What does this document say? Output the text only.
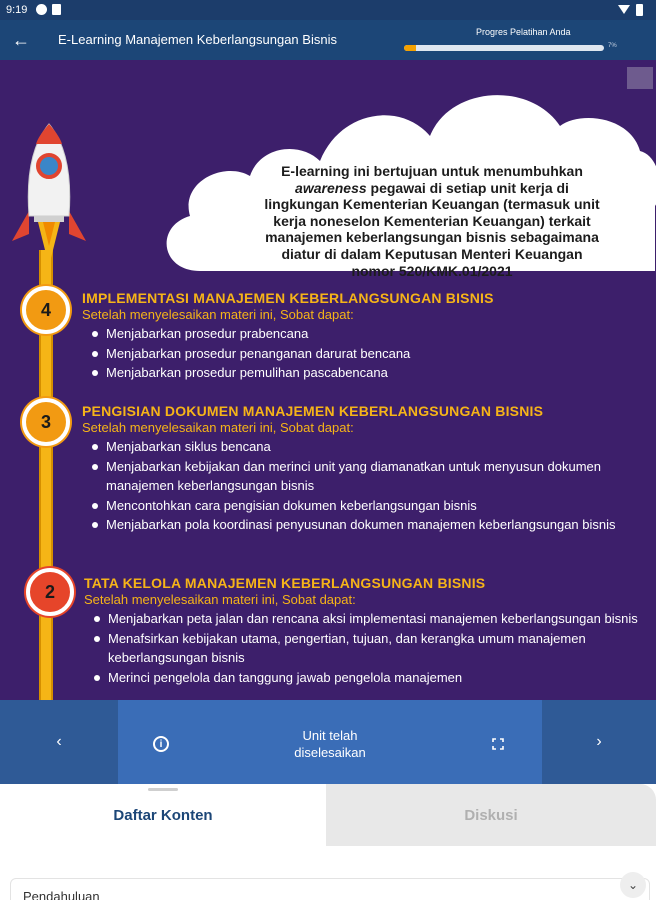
9:19
← E-Learning Manajemen Keberlangsungan Bisnis	Progres Pelatihan Anda
7%
E-learning ini bertujuan untuk menumbuhkan
awareness pegawai di setiap unit kerja di
lingkungan Kementerian Keuangan (termasuk unit
kerja noneselon Kementerian Keuangan) terkait
manajemen keberlangsungan bisnis sebagaimana
diatur di dalam Keputusan Menteri Keuangan
nomor 520/KMK.01/2021
4
3
2
IMPLEMENTASI MANAJEMEN KEBERLANGSUNGAN BISNIS
Setelah menyelesaikan materi ini, Sobat dapat:
Menjabarkan prosedur prabencana
Menjabarkan prosedur penanganan darurat bencana
Menjabarkan prosedur pemulihan pascabencana
PENGISIAN DOKUMEN MANAJEMEN KEBERLANGSUNGAN BISNIS
Setelah menyelesaikan materi ini, Sobat dapat:
Menjabarkan siklus bencana
Menjabarkan kebijakan dan merinci unit yang diamanatkan untuk menyusun dokumen manajemen keberlangsungan bisnis
Mencontohkan cara pengisian dokumen keberlangsungan bisnis
Menjabarkan pola koordinasi penyusunan dokumen manajemen keberlangsungan bisnis
TATA KELOLA MANAJEMEN KEBERLANGSUNGAN BISNIS
Setelah menyelesaikan materi ini, Sobat dapat:
Menjabarkan peta jalan dan rencana aksi implementasi manajemen keberlangsungan bisnis
Menafsirkan kebijakan utama, pengertian, tujuan, dan kerangka umum manajemen keberlangsungan bisnis
Merinci pengelola dan tanggung jawab pengelola manajemen
‹	i
Unit telah
diselesaikan
›
Daftar Konten	Diskusi
Pendahuluan
⌄
